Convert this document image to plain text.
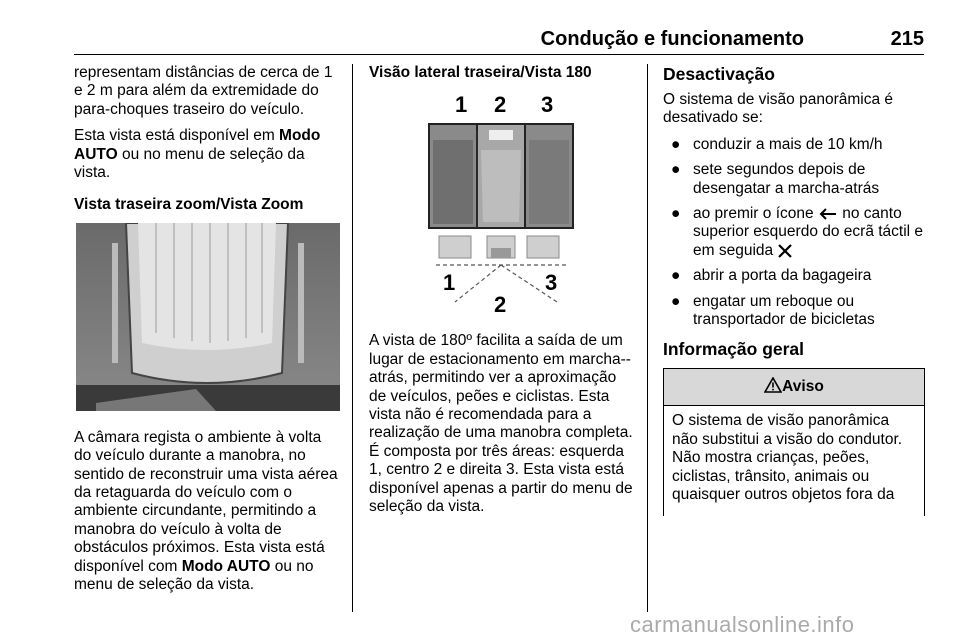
Condução e funcionamento	215

representam distâncias de cerca de 1 e 2 m para além da extremidade do para-choques traseiro do veículo.

Esta vista está disponível em Modo AUTO ou no menu de seleção da vista.

Vista traseira zoom/Vista Zoom

A câmara regista o ambiente à volta do veículo durante a manobra, no sentido de reconstruir uma vista aérea da retaguarda do veículo com o ambiente circundante, permitindo a manobra do veículo à volta de obstáculos próximos. Esta vista está disponível com Modo AUTO ou no menu de seleção da vista.

Visão lateral traseira/Vista 180
1 2 3
1
2
3

A vista de 180º facilita a saída de um lugar de estacionamento em marcha--atrás, permitindo ver a aproximação de veículos, peões e ciclistas. Esta vista não é recomendada para a realização de uma manobra completa. É composta por três áreas: esquerda 1, centro 2 e direita 3. Esta vista está disponível apenas a partir do menu de seleção da vista.

Desactivação

O sistema de visão panorâmica é desativado se:

● conduzir a mais de 10 km/h
● sete segundos depois de desengatar a marcha-atrás
● ao premir o ícone  no canto superior esquerdo do ecrã táctil e em seguida
● abrir a porta da bagageira
● engatar um reboque ou transportador de bicicletas
Informação geral
Aviso
O sistema de visão panorâmica não substitui a visão do condutor. Não mostra crianças, peões, ciclistas, trânsito, animais ou quaisquer outros objetos fora da
carmanualsonline.info
